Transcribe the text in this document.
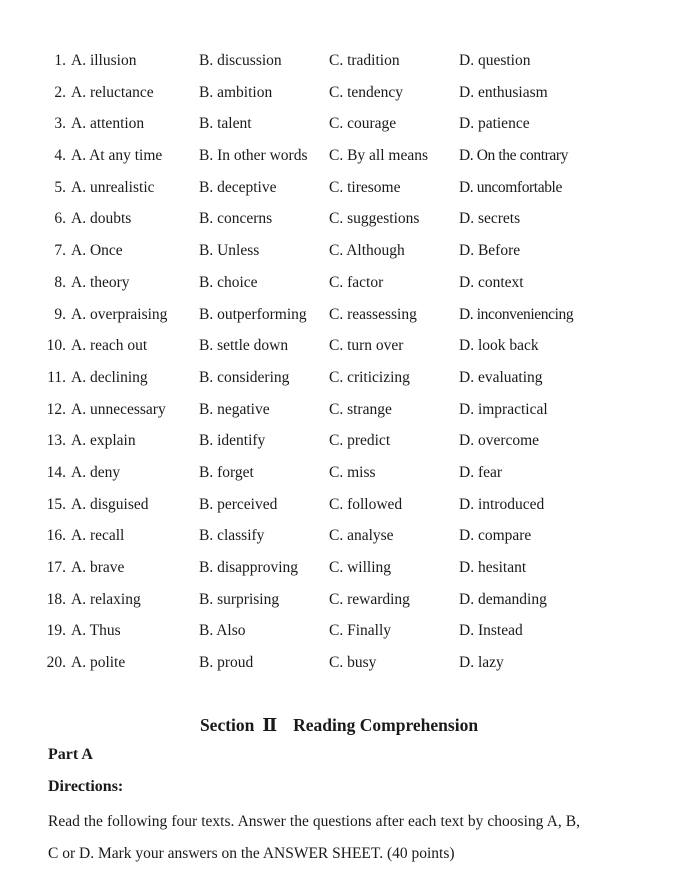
1. A. illusion	B. discussion	C. tradition	D. question
2. A. reluctance	B. ambition	C. tendency	D. enthusiasm
3. A. attention	B. talent	C. courage	D. patience
4. A. At any time B. In other words C. By all means D. On the contrary
5. A. unrealistic	B. deceptive	C. tiresome	D. uncomfortable
6. A. doubts	B. concerns	C. suggestions	D. secrets
7. A. Once	B. Unless	C. Although	D. Before
8. A. theory	B. choice	C. factor	D. context
9. A. overpraising B. outperforming C. reassessing	D. inconveniencing
10. A. reach out	B. settle down	C. turn over	D. look back
11. A. declining	B. considering	C. criticizing	D. evaluating
12. A. unnecessary B. negative	C. strange	D. impractical
13. A. explain	B. identify	C. predict	D. overcome
14. A. deny	B. forget	C. miss	D. fear
15. A. disguised	B. perceived	C. followed	D. introduced
16. A. recall	B. classify	C. analyse	D. compare
17. A. brave	B. disapproving C. willing	D. hesitant
18. A. relaxing	B. surprising	C. rewarding	D. demanding
19. A. Thus	B. Also	C. Finally	D. Instead
20. A. polite	B. proud	C. busy	D. lazy
Section Ⅱ Reading Comprehension
Part A
Directions:
Read the following four texts. Answer the questions after each text by choosing A, B, C or D. Mark your answers on the ANSWER SHEET. (40 points)
